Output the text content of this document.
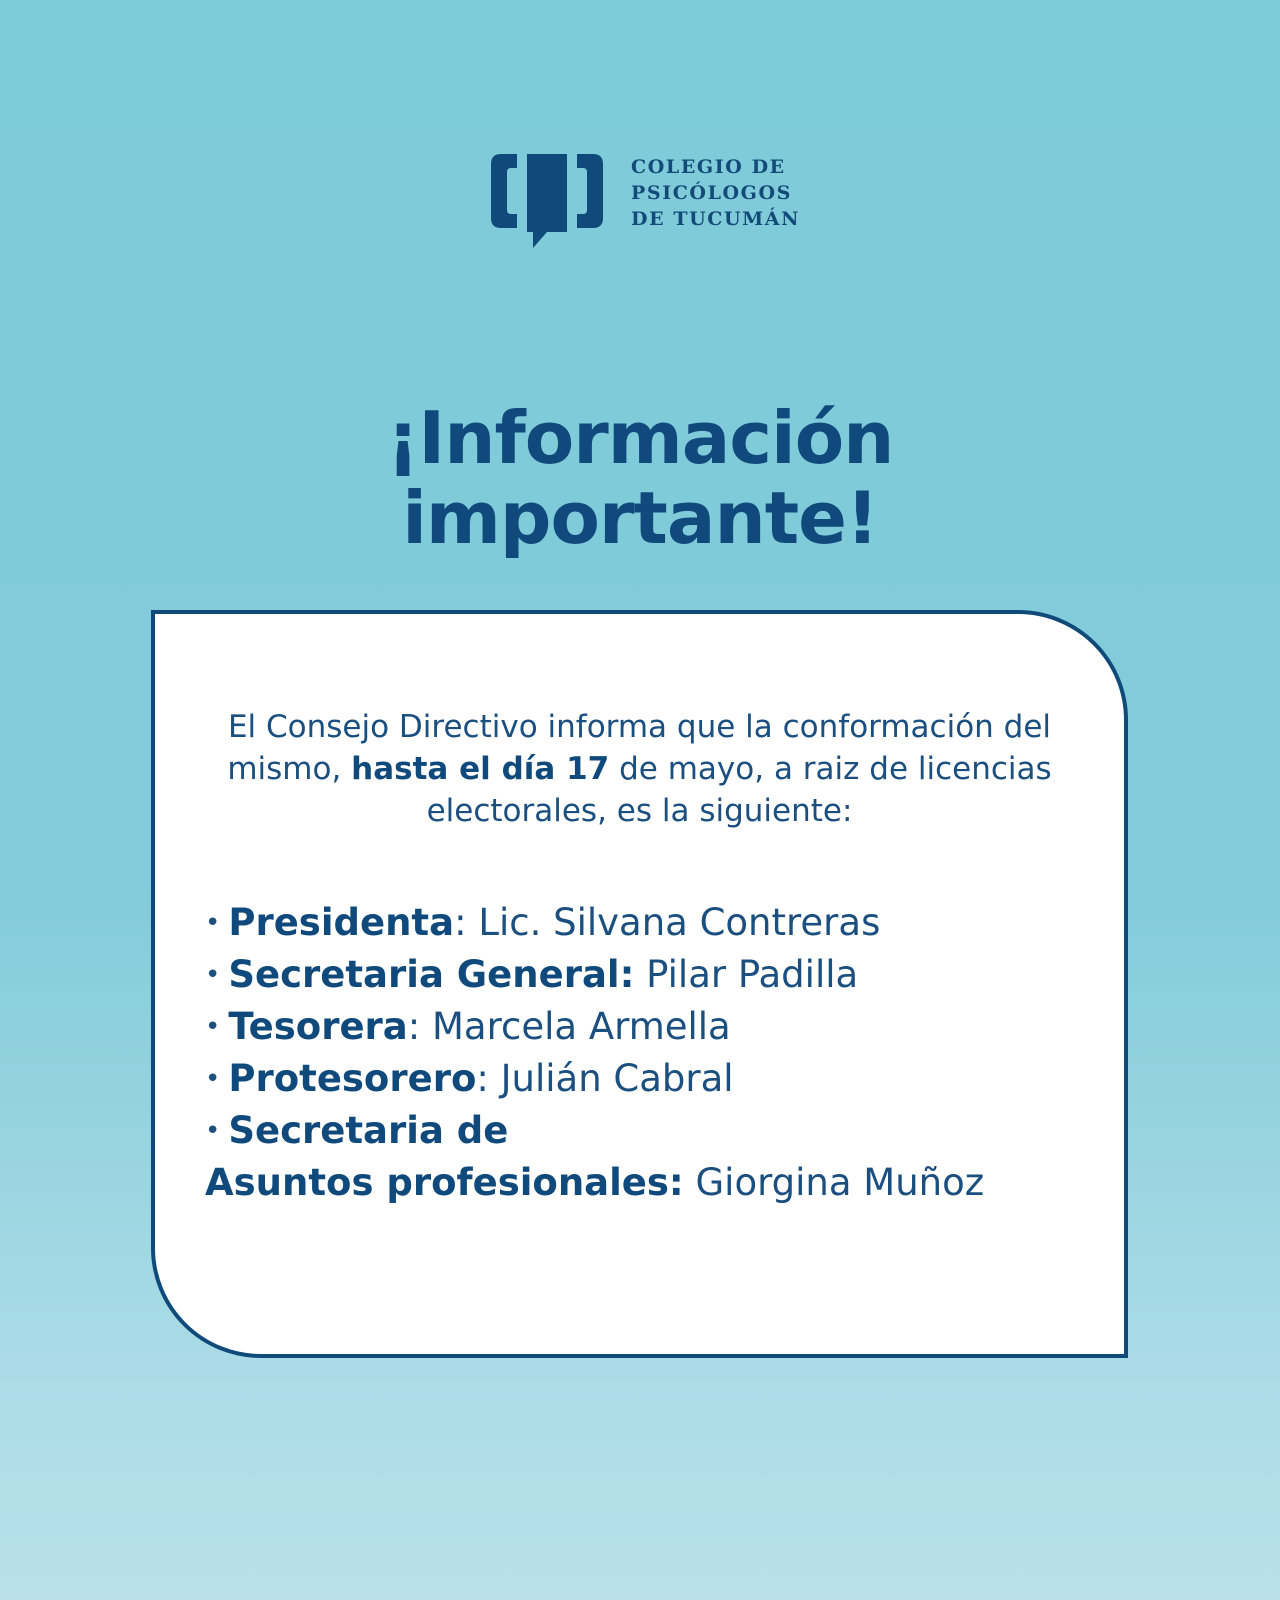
COLEGIO DE
PSICÓLOGOS
DE TUCUMÁN
¡Información
importante!
El Consejo Directivo informa que la conformación del mismo, hasta el día 17 de mayo, a raiz de licencias electorales, es la siguiente:
• Presidenta: Lic. Silvana Contreras
• Secretaria General: Pilar Padilla
• Tesorera: Marcela Armella
• Protesorero: Julián Cabral
• Secretaria de
Asuntos profesionales: Giorgina Muñoz
